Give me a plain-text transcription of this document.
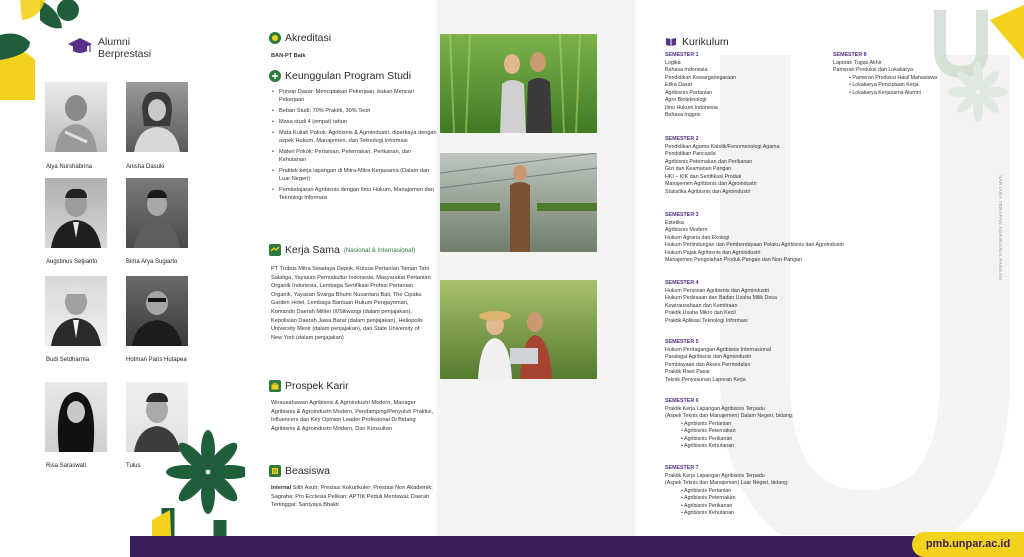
Alumni Berprestasi
Alya Nurshabrina	Anisha Dasuki
Augstinus Setjianto	Bima Arya Sugiarto
Budi Setdharma	Hotman Paris Hutapea
Risa Saraswati	Tulus
Akreditasi
BAN-PT Baik
Keunggulan Program Studi
• Prinsip Dasar: Menciptakan Pekerjaan, bukan Mencari Pekerjaan
• Beban Studi: 70% Praktik, 30% Teori
• Masa studi 4 (empat) tahun
• Mata Kuliah Pokok: Agribisnis & Agroindustri, diperkaya dengan aspek Hukum, Manajemen, dan Teknologi Informasi
• Materi Pokok: Pertanian, Peternakan, Perikanan, dan Kehutanan
• Praktek kerja lapangan di Mitra-Mitra Kerjasama (Dalam dan Luar Negeri)
• Pembelajaran Agribisnis dengan Ilmu Hukum, Manajemen dan Teknologi Informasi
Kerja Sama (Nasional & Internasional)
PT Trubus Mitra Swadaya Depok, Kursus Pertanian Taman Tani Salatiga, Yayasan Permakultur Indonesia, Masyarakat Pertanian Organik Indonesia, Lembaga Sertifikasi Profesi Pertanian Organik, Yayasan Svarga Bhumi Nusantara Bali, The Cipaku Garden Hotel, Lembaga Bantuan Hukum Pengayoman, Komando Daerah Militer III/Siliwangi (dalam penjajakan), Kepolisian Daerah Jawa Barat (dalam penjajakan), Heliopolis University Mesir (dalam penjajakan), dan State University of New York (dalam penjajakan)
Prospek Karir
Wirausahawan Agribisnis & Agroindustri Modern, Manager Agribisnis & Agroindustri Modern, Pendamping/Penyuluh Praktisi, Influencers dan Key Opinion Leader Profesional Di Bidang Agribisnis & Agroindustri Modern, Dan Konsultan
Beasiswa
Internal Silih Asuh; Prestasi Kokurikuler; Prestasi Non Akademik; Sagraha; Pro Ecclesia Pelikan; APTIK Peduli Mentawai; Daerah Tertinggal; Santyaya Bhakti
Kurikulum
SEMESTER 1
Logika
Bahasa Indonesia
Pendidikan Kewarganegaraan
Etika Dasar
Agribisnis Pertanian
Agro Bioteknologi
Ilmu Hukum Indonesia
Bahasa Inggris
SEMESTER 2
Pendidikan Agama Katolik/Fenomenologi Agama
Pendidikan Pancasila
Agribisnis Peternakan dan Perikanan
Gizi dan Keamanan Pangan
HKI – KIK dan Sertifikasi Produk
Manajemen Agribisnis dan Agroindustri
Statistika Agribisnis dan Agroindustri
SEMESTER 3
Estetika
Agribisnis Modern
Hukum Agraria dan Ekologi
Hukum Perlindungan dan Pemberdayaan Pelaku Agribisnis dan Agroindustri
Hukum Pajak Agribisnis dan Agroindustri
Manajemen Pengolahan Produk Pangan dan Non-Pangan
SEMESTER 4
Hukum Perizinan Agribisnis dan Agroindustri
Hukum Pedesaan dan Badan Usaha Milik Desa
Kewirausahaan dan Kemitraan
Praktik Usaha Mikro dan Kecil
Praktik Aplikasi Teknologi Informasi
SEMESTER 5
Hukum Perdagangan Agribisnis Internasional
Paralegal Agribisnis dan Agroindustri
Pembiayaan dan Akses Permodalan
Praktik Riset Pasar
Teknik Penyusunan Laporan Kerja
SEMESTER 6
Praktik Kerja Lapangan Agribisnis Terpadu
(Aspek Teknis dan Manajemen) Dalam Negeri, bidang:
• Agribisnis Pertanian
• Agribisnis Peternakan
• Agribisnis Perikanan
• Agribisnis Kehutanan
SEMESTER 7
Praktik Kerja Lapangan Agribisnis Terpadu
(Aspek Teknis dan Manajemen) Luar Negeri, bidang:
• Agribisnis Pertanian
• Agribisnis Peternakan
• Agribisnis Perikanan
• Agribisnis Kehutanan
SEMESTER 8
Laporan Tugas Akhir
Pameran Produksi dan Lokakarya:
• Pameran Produksi Hasil Mahasiswa
• Lokakarya Penciptaan Kerja
• Lokakarya Kerjasama Alumni
SARJANA TERAPAN AGRIBISNIS PANGAN
pmb.unpar.ac.id
